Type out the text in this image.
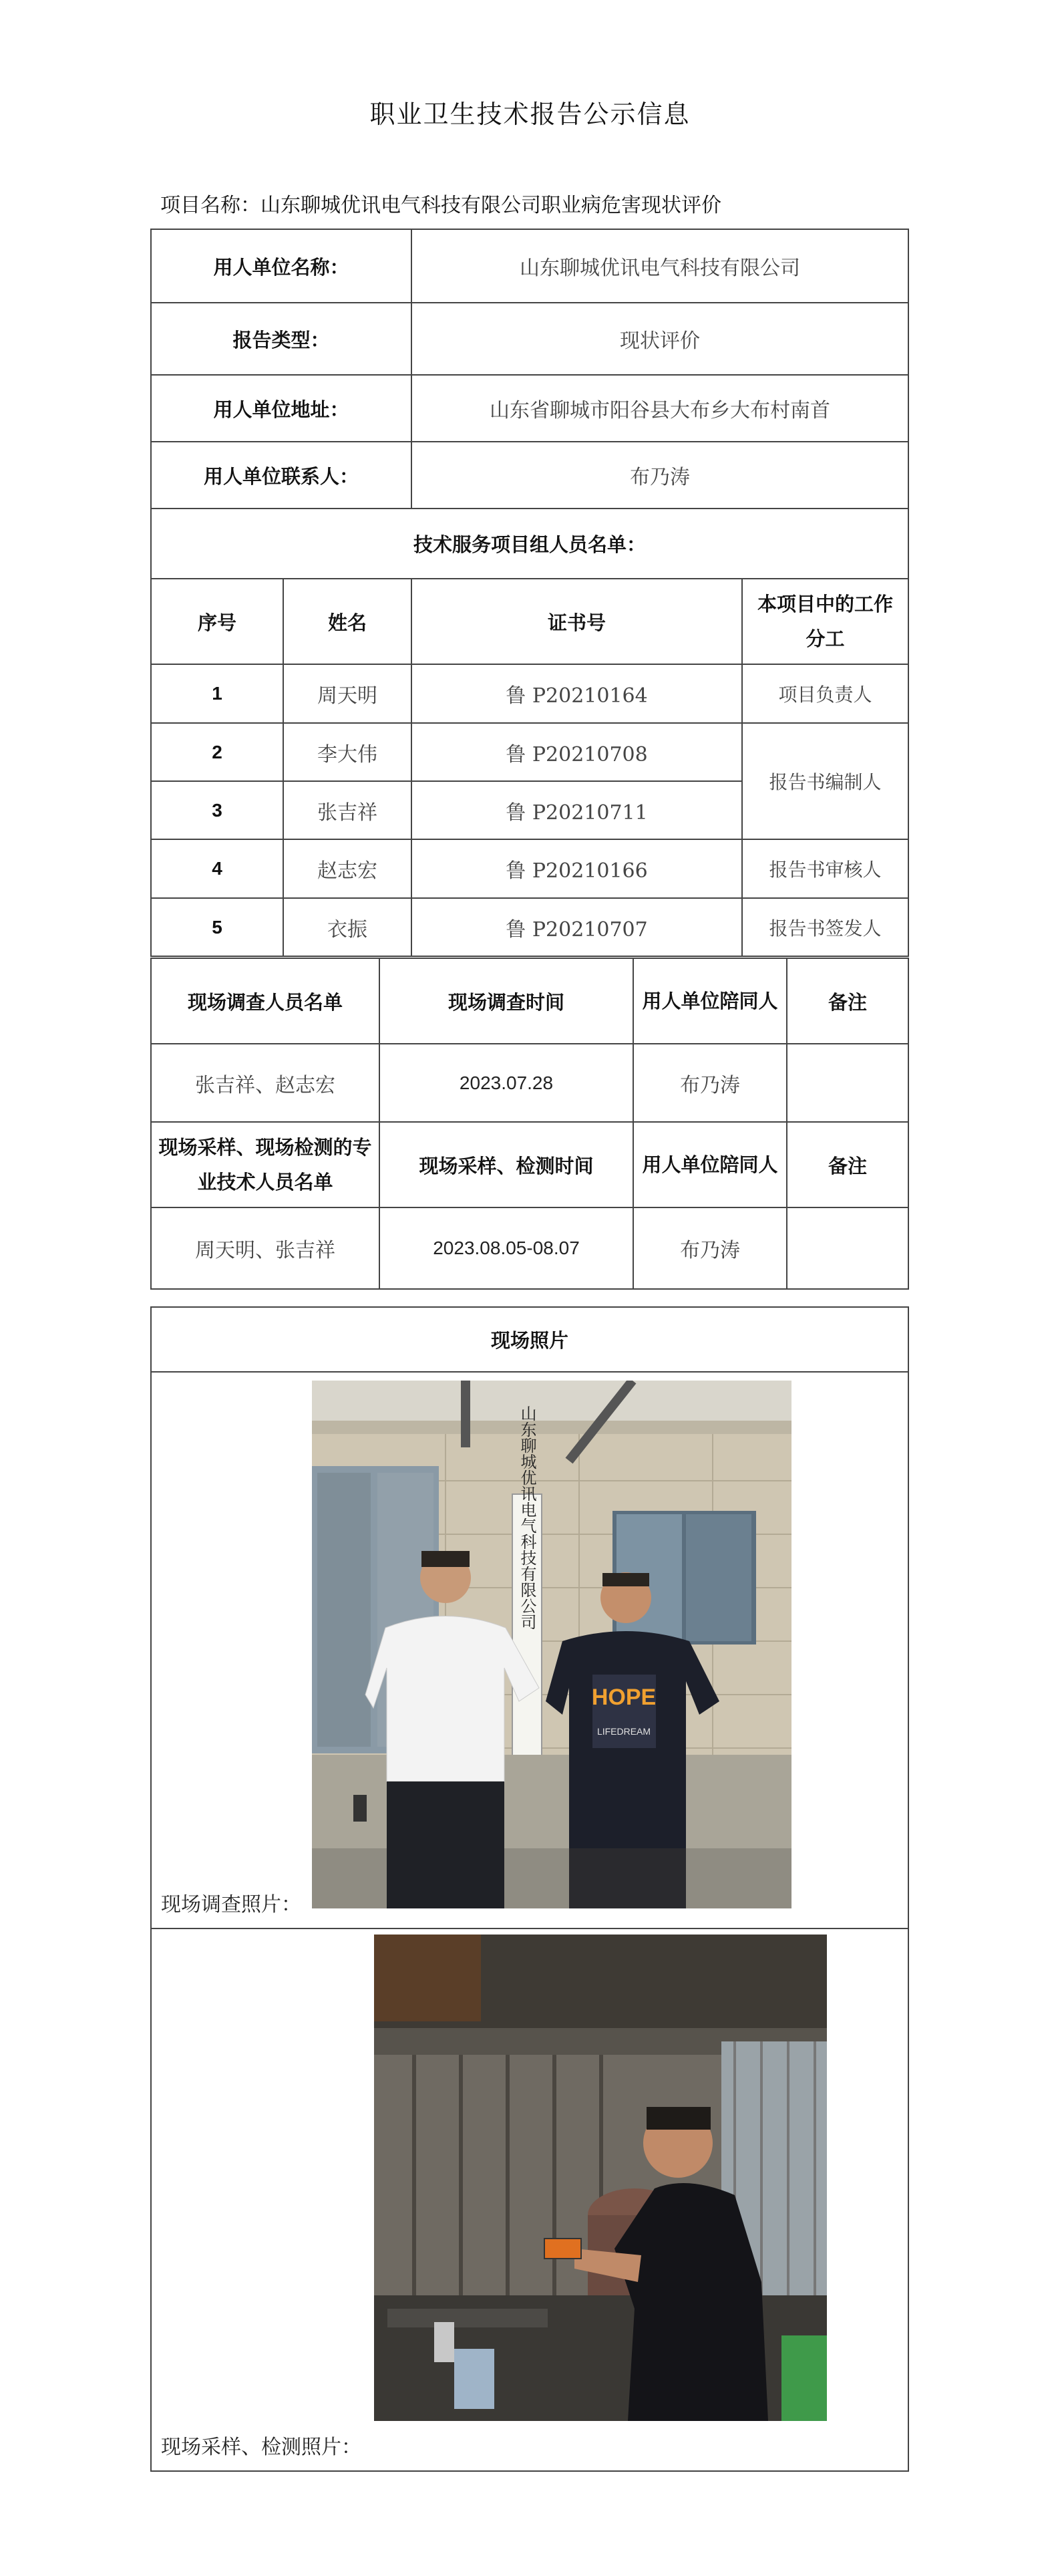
职业卫生技术报告公示信息
项目名称：山东聊城优讯电气科技有限公司职业病危害现状评价
用人单位名称：		山东聊城优讯电气科技有限公司	
报告类型：		现状评价	
用人单位地址：		山东省聊城市阳谷县大布乡大布村南首	
用人单位联系人：		布乃涛	
技术服务项目组人员名单：			
序号	姓名	证书号	本项目中的工作分工
1	周天明	鲁 P20210164	项目负责人
2	李大伟	鲁 P20210708	报告书编制人
3	张吉祥	鲁 P20210711	
4	赵志宏	鲁 P20210166	报告书审核人
5	衣振	鲁 P20210707	报告书签发人
现场调查人员名单	现场调查时间	用人单位陪同人	备注
张吉祥、赵志宏	2023.07.28	布乃涛	
现场采样、现场检测的专业技术人员名单	现场采样、检测时间	用人单位陪同人	备注
周天明、张吉祥	2023.08.05-08.07	布乃涛	
现场照片

山东聊城优讯电气科技有限公司
HOPE
LIFEDREAM
现场调查照片：

现场采样、检测照片：
